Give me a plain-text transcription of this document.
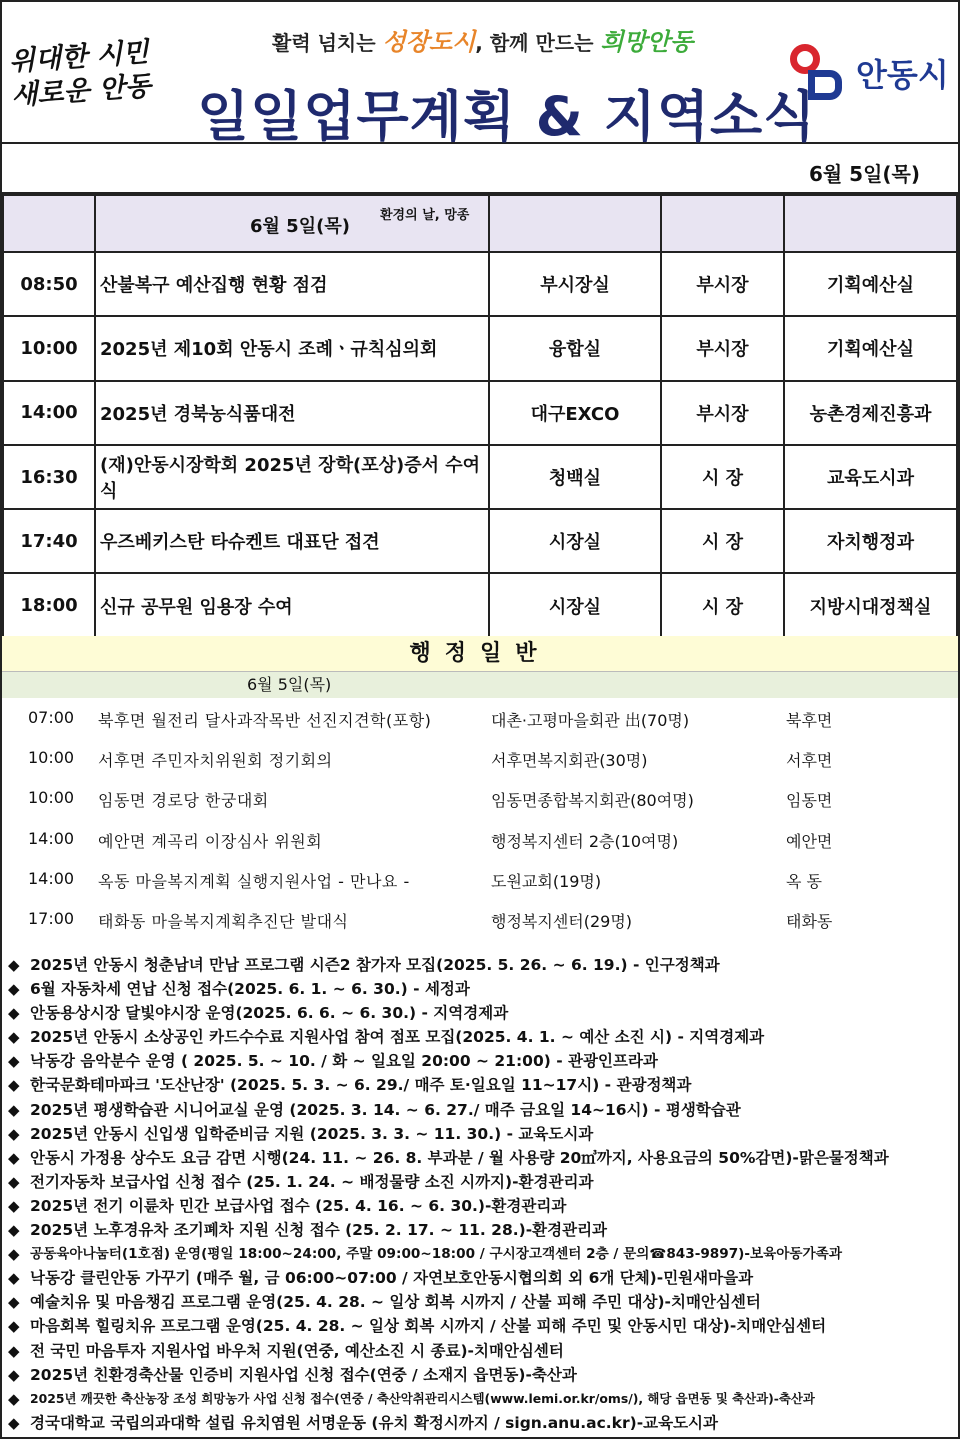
위대한 시민 새로운 안동
활력 넘치는 성장도시, 함께 만드는 희망안동
일일업무계획 & 지역소식
안동시
6월 5일(목)

	6월 5일(목)
환경의 날, 망종			

08:50	산불복구 예산집행 현황 점검	부시장실	부시장	기획예산실
10:00	2025년 제10회 안동시 조례ㆍ규칙심의회	융합실	부시장	기획예산실
14:00	2025년 경북농식품대전	대구EXCO	부시장	농촌경제진흥과
16:30	(재)안동시장학회 2025년 장학(포상)증서 수여식	청백실	시 장	교육도시과
17:40	우즈베키스탄 타슈켄트 대표단 접견	시장실	시 장	자치행정과
18:00	신규 공무원 임용장 수여	시장실	시 장	지방시대정책실
행정일반
6월 5일(목)
07:00 북후면 월전리 달사과작목반 선진지견학(포항)	대촌·고평마을회관 出(70명)	북후면
10:00 서후면 주민자치위원회 정기회의	서후면복지회관(30명)	서후면
10:00 임동면 경로당 한궁대회	임동면종합복지회관(80여명)	임동면
14:00 예안면 계곡리 이장심사 위원회	행정복지센터 2층(10여명)	예안면
14:00 옥동 마을복지계획 실행지원사업 - 만나요 -	도원교회(19명)	옥 동
17:00 태화동 마을복지계획추진단 발대식	행정복지센터(29명)	태화동
◆ 2025년 안동시 청춘남녀 만남 프로그램 시즌2 참가자 모집(2025. 5. 26. ~ 6. 19.) - 인구정책과
◆ 6월 자동차세 연납 신청 접수(2025. 6. 1. ~ 6. 30.) - 세정과
◆ 안동용상시장 달빛야시장 운영(2025. 6. 6. ~ 6. 30.) - 지역경제과
◆ 2025년 안동시 소상공인 카드수수료 지원사업 참여 점포 모집(2025. 4. 1. ~ 예산 소진 시) - 지역경제과
◆ 낙동강 음악분수 운영 ( 2025. 5. ~ 10. / 화 ~ 일요일 20:00 ~ 21:00) - 관광인프라과
◆ 한국문화테마파크 '도산난장' (2025. 5. 3. ~ 6. 29./ 매주 토·일요일 11~17시) - 관광정책과
◆ 2025년 평생학습관 시니어교실 운영 (2025. 3. 14. ~ 6. 27./ 매주 금요일 14~16시) - 평생학습관
◆ 2025년 안동시 신입생 입학준비금 지원 (2025. 3. 3. ~ 11. 30.) - 교육도시과
◆ 안동시 가정용 상수도 요금 감면 시행(24. 11. ~ 26. 8. 부과분 / 월 사용량 20㎥까지, 사용요금의 50%감면)-맑은물정책과
◆ 전기자동차 보급사업 신청 접수 (25. 1. 24. ~ 배정물량 소진 시까지)-환경관리과
◆ 2025년 전기 이륜차 민간 보급사업 접수 (25. 4. 16. ~ 6. 30.)-환경관리과
◆ 2025년 노후경유차 조기폐차 지원 신청 접수 (25. 2. 17. ~ 11. 28.)-환경관리과
◆ 공동육아나눔터(1호점) 운영(평일 18:00~24:00, 주말 09:00~18:00 / 구시장고객센터 2층 / 문의☎843-9897)-보육아동가족과
◆ 낙동강 클린안동 가꾸기 (매주 월, 금 06:00~07:00 / 자연보호안동시협의회 외 6개 단체)-민원새마을과
◆ 예술치유 및 마음챙김 프로그램 운영(25. 4. 28. ~ 일상 회복 시까지 / 산불 피해 주민 대상)-치매안심센터
◆ 마음회복 힐링치유 프로그램 운영(25. 4. 28. ~ 일상 회복 시까지 / 산불 피해 주민 및 안동시민 대상)-치매안심센터
◆ 전 국민 마음투자 지원사업 바우처 지원(연중, 예산소진 시 종료)-치매안심센터
◆ 2025년 친환경축산물 인증비 지원사업 신청 접수(연중 / 소재지 읍면동)-축산과
◆ 2025년 깨끗한 축산농장 조성 희망농가 사업 신청 접수(연중 / 축산악취관리시스템(www.lemi.or.kr/oms/), 해당 읍면동 및 축산과)-축산과
◆ 경국대학교 국립의과대학 설립 유치염원 서명운동 (유치 확정시까지 / sign.anu.ac.kr)-교육도시과
